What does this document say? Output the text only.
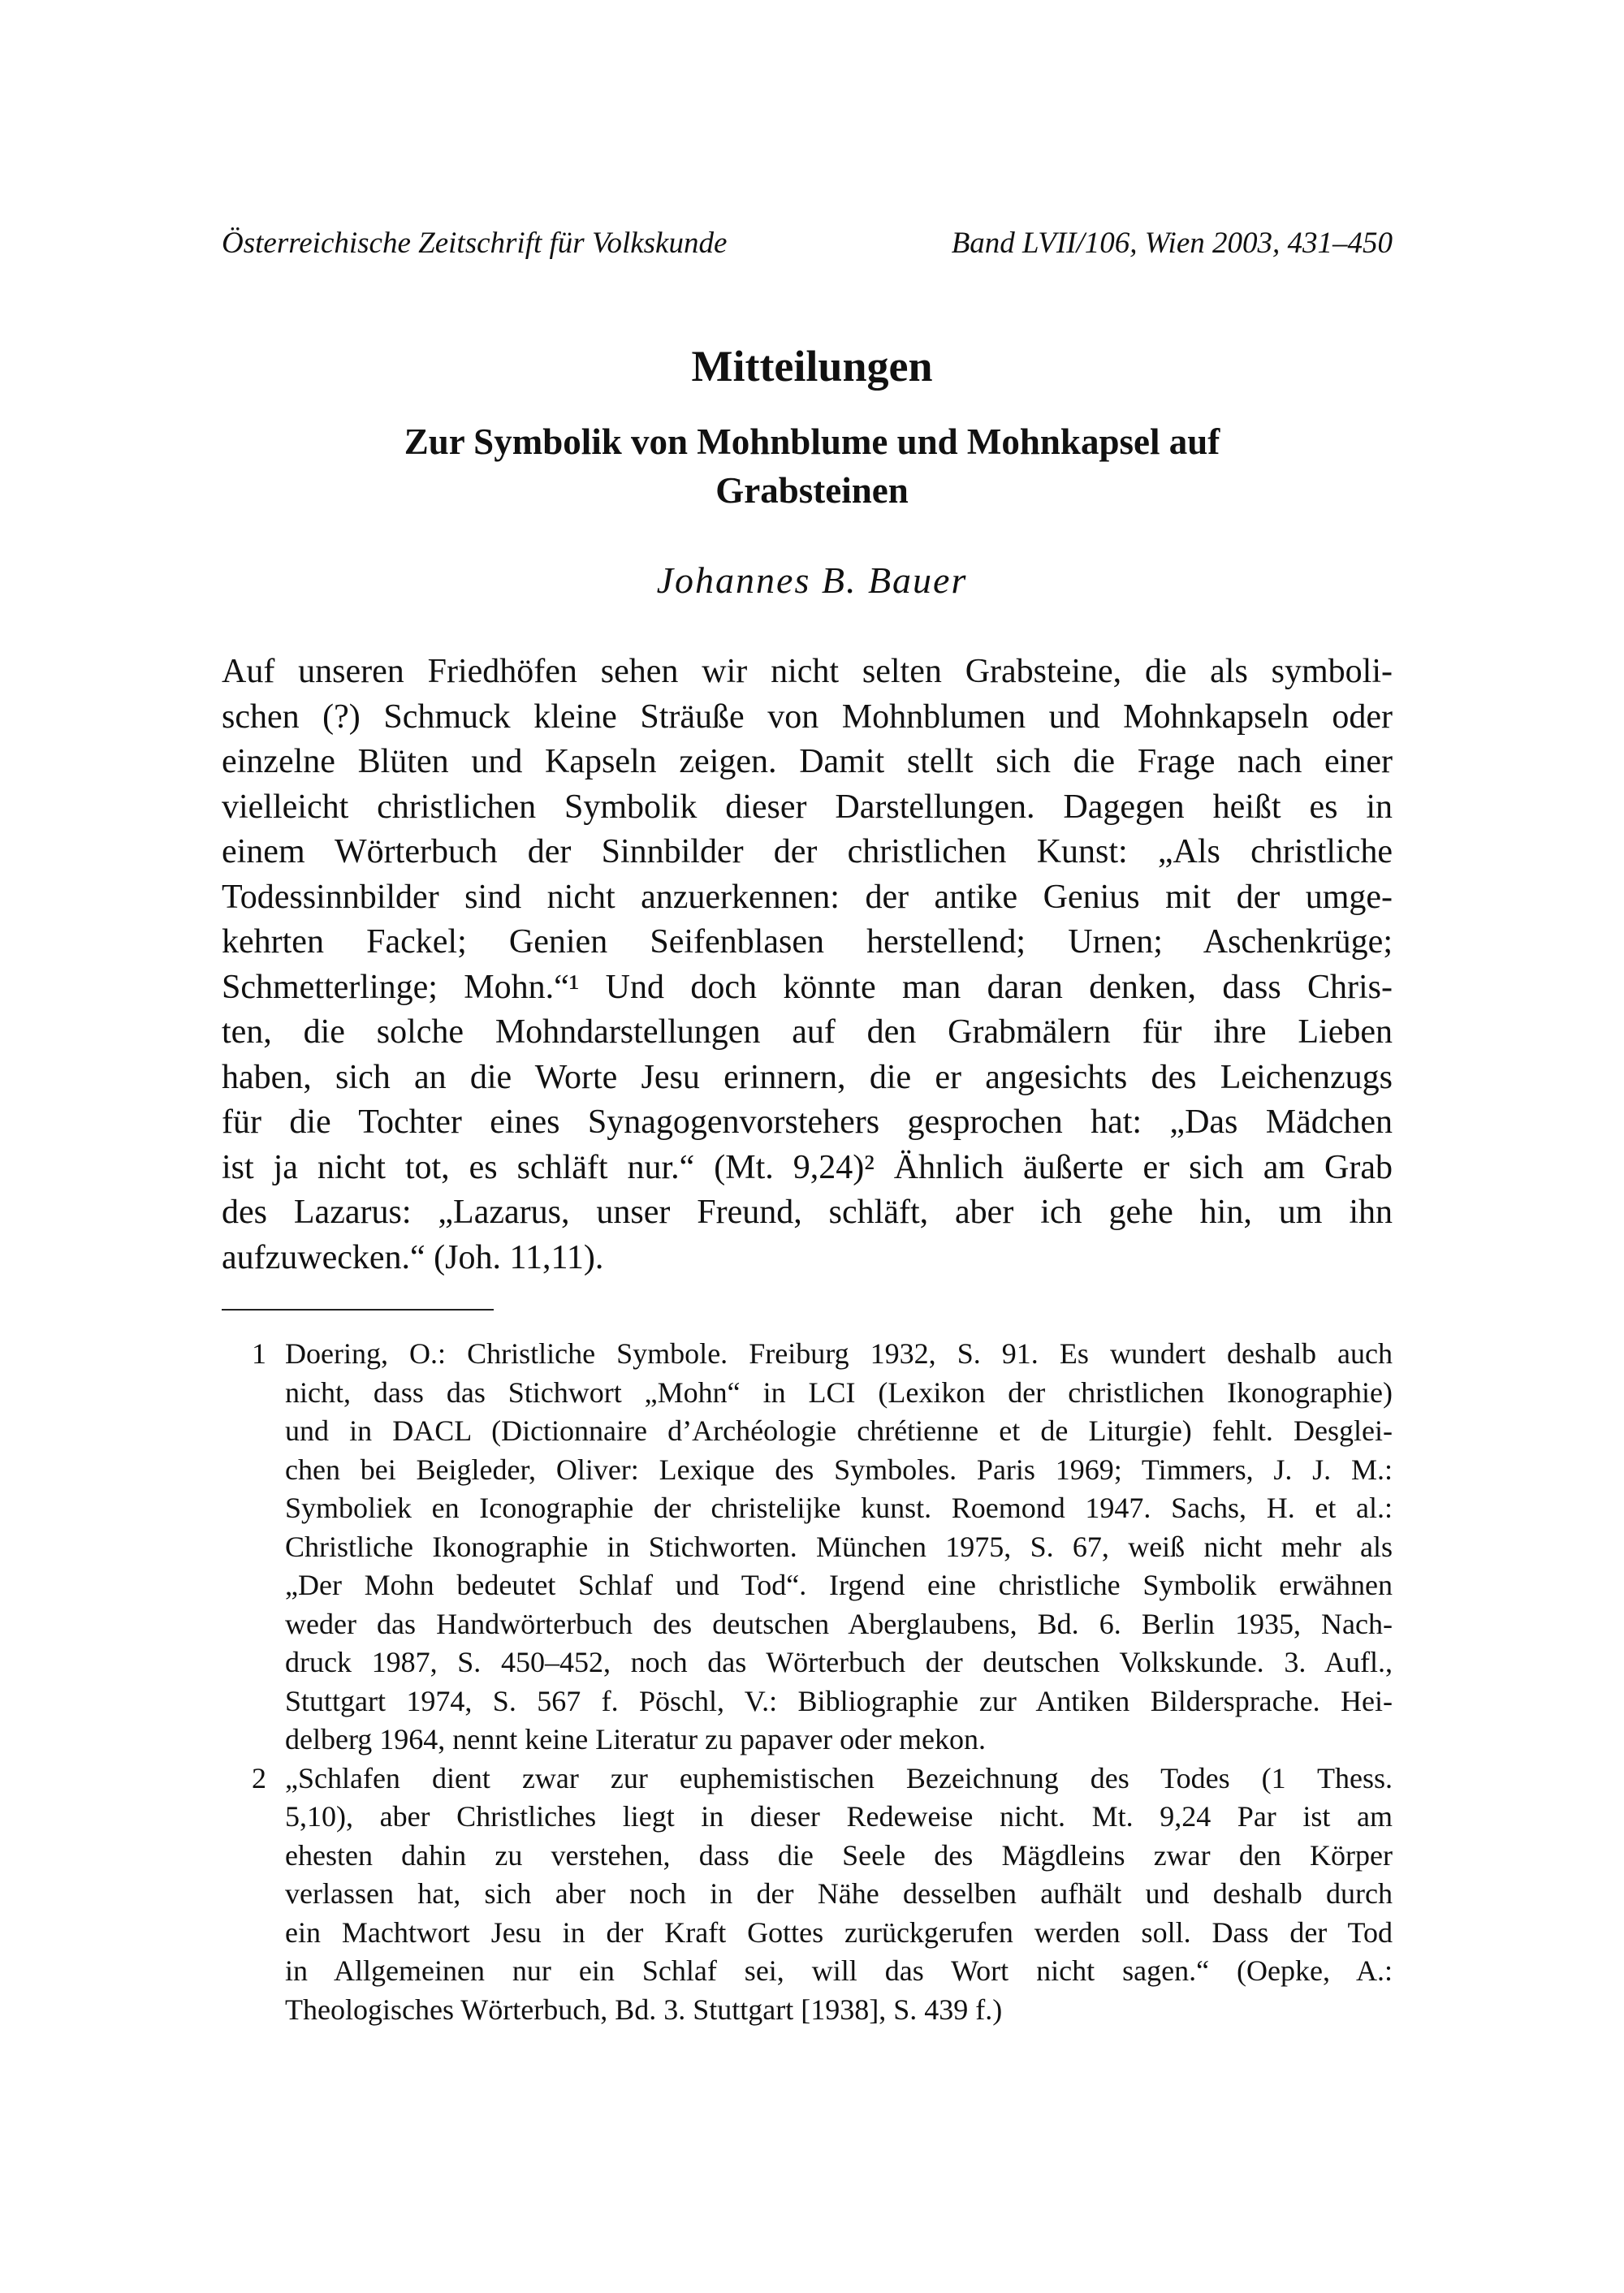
Österreichische Zeitschrift für Volkskunde	Band LVII/106, Wien 2003, 431–450
Mitteilungen
Zur Symbolik von Mohnblume und Mohnkapsel auf
Grabsteinen
Johannes B. Bauer
Auf unseren Friedhöfen sehen wir nicht selten Grabsteine, die als symboli-
schen (?) Schmuck kleine Sträuße von Mohnblumen und Mohnkapseln oder
einzelne Blüten und Kapseln zeigen. Damit stellt sich die Frage nach einer
vielleicht christlichen Symbolik dieser Darstellungen. Dagegen heißt es in
einem Wörterbuch der Sinnbilder der christlichen Kunst: „Als christliche
Todessinnbilder sind nicht anzuerkennen: der antike Genius mit der umge-
kehrten Fackel; Genien Seifenblasen herstellend; Urnen; Aschenkrüge;
Schmetterlinge; Mohn.“¹ Und doch könnte man daran denken, dass Chris-
ten, die solche Mohndarstellungen auf den Grabmälern für ihre Lieben
haben, sich an die Worte Jesu erinnern, die er angesichts des Leichenzugs
für die Tochter eines Synagogenvorstehers gesprochen hat: „Das Mädchen
ist ja nicht tot, es schläft nur.“ (Mt. 9,24)² Ähnlich äußerte er sich am Grab
des Lazarus: „Lazarus, unser Freund, schläft, aber ich gehe hin, um ihn
aufzuwecken.“ (Joh. 11,11).
1 Doering, O.: Christliche Symbole. Freiburg 1932, S. 91. Es wundert deshalb auch
nicht, dass das Stichwort „Mohn“ in LCI (Lexikon der christlichen Ikonographie)
und in DACL (Dictionnaire d’Archéologie chrétienne et de Liturgie) fehlt. Desglei-
chen bei Beigleder, Oliver: Lexique des Symboles. Paris 1969; Timmers, J. J. M.:
Symboliek en Iconographie der christelijke kunst. Roemond 1947. Sachs, H. et al.:
Christliche Ikonographie in Stichworten. München 1975, S. 67, weiß nicht mehr als
„Der Mohn bedeutet Schlaf und Tod“. Irgend eine christliche Symbolik erwähnen
weder das Handwörterbuch des deutschen Aberglaubens, Bd. 6. Berlin 1935, Nach-
druck 1987, S. 450–452, noch das Wörterbuch der deutschen Volkskunde. 3. Aufl.,
Stuttgart 1974, S. 567 f. Pöschl, V.: Bibliographie zur Antiken Bildersprache. Hei-
delberg 1964, nennt keine Literatur zu papaver oder mekon.
2 „Schlafen dient zwar zur euphemistischen Bezeichnung des Todes (1 Thess.
5,10), aber Christliches liegt in dieser Redeweise nicht. Mt. 9,24 Par ist am
ehesten dahin zu verstehen, dass die Seele des Mägdleins zwar den Körper
verlassen hat, sich aber noch in der Nähe desselben aufhält und deshalb durch
ein Machtwort Jesu in der Kraft Gottes zurückgerufen werden soll. Dass der Tod
in Allgemeinen nur ein Schlaf sei, will das Wort nicht sagen.“ (Oepke, A.:
Theologisches Wörterbuch, Bd. 3. Stuttgart [1938], S. 439 f.)
